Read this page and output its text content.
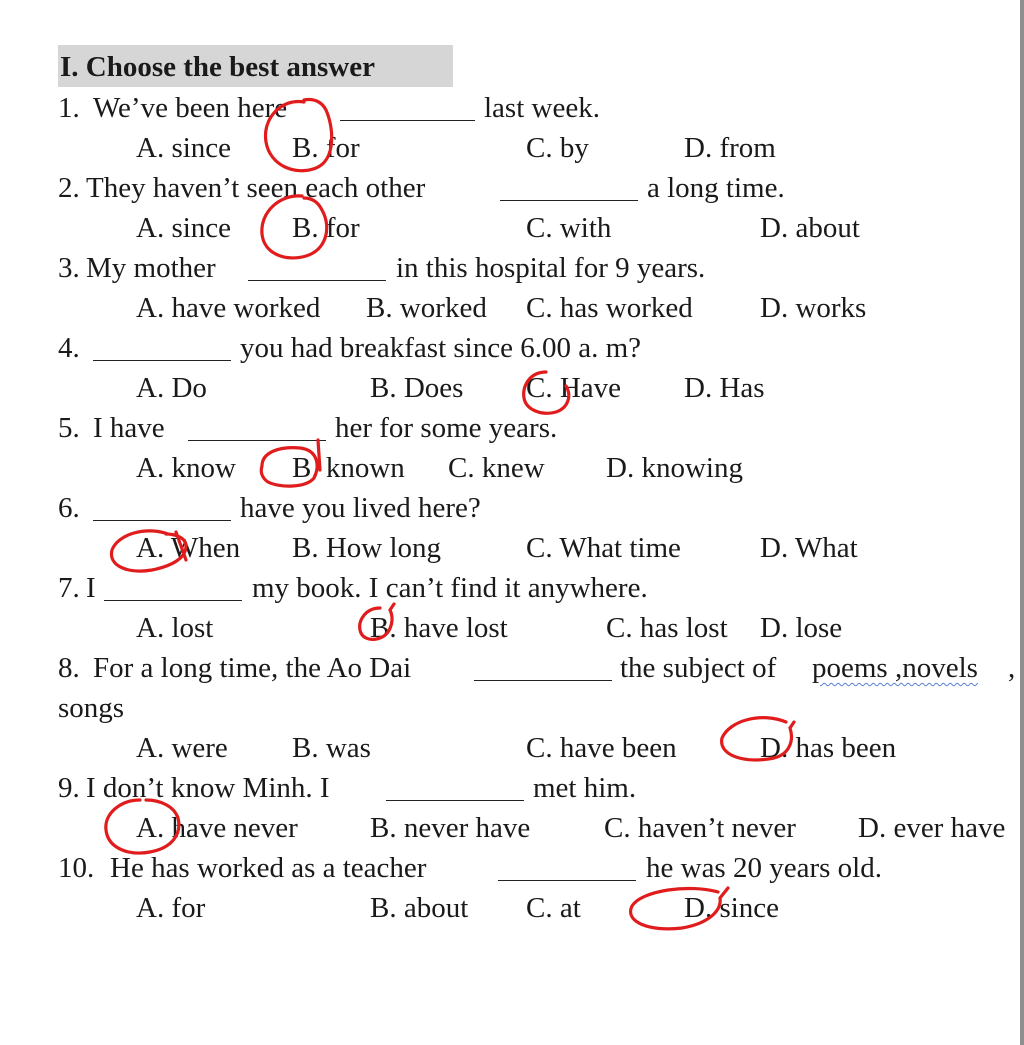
I. Choose the best answer
1. We’ve been here	last week.
A. since B. for	C. by	D. from
2. They haven’t seen each other	a long time.
A. since B. for	C. with	D. about
3. My mother	in this hospital for 9 years.
A. have worked B. worked C. has worked D. works
4.	you had breakfast since 6.00 a. m?
A. Do	B. Does C. Have D. Has
5. I have	her for some years.
A. know B. known C. knew D. knowing
6.	have you lived here?
A. When B. How long	C. What time	D. What
7. I	my book. I can’t find it anywhere.
A. lost	B. have lost	C. has lost D. lose
8. For a long time, the Ao Dai	the subject of poems ,novels ,
songs
A. were B. was	C. have been	D. has been
9. I don’t know Minh. I	met him.
A. have never B. never have	C. haven’t never D. ever have
10. He has worked as a teacher	he was 20 years old.
A. for	B. about C. at	D. since
